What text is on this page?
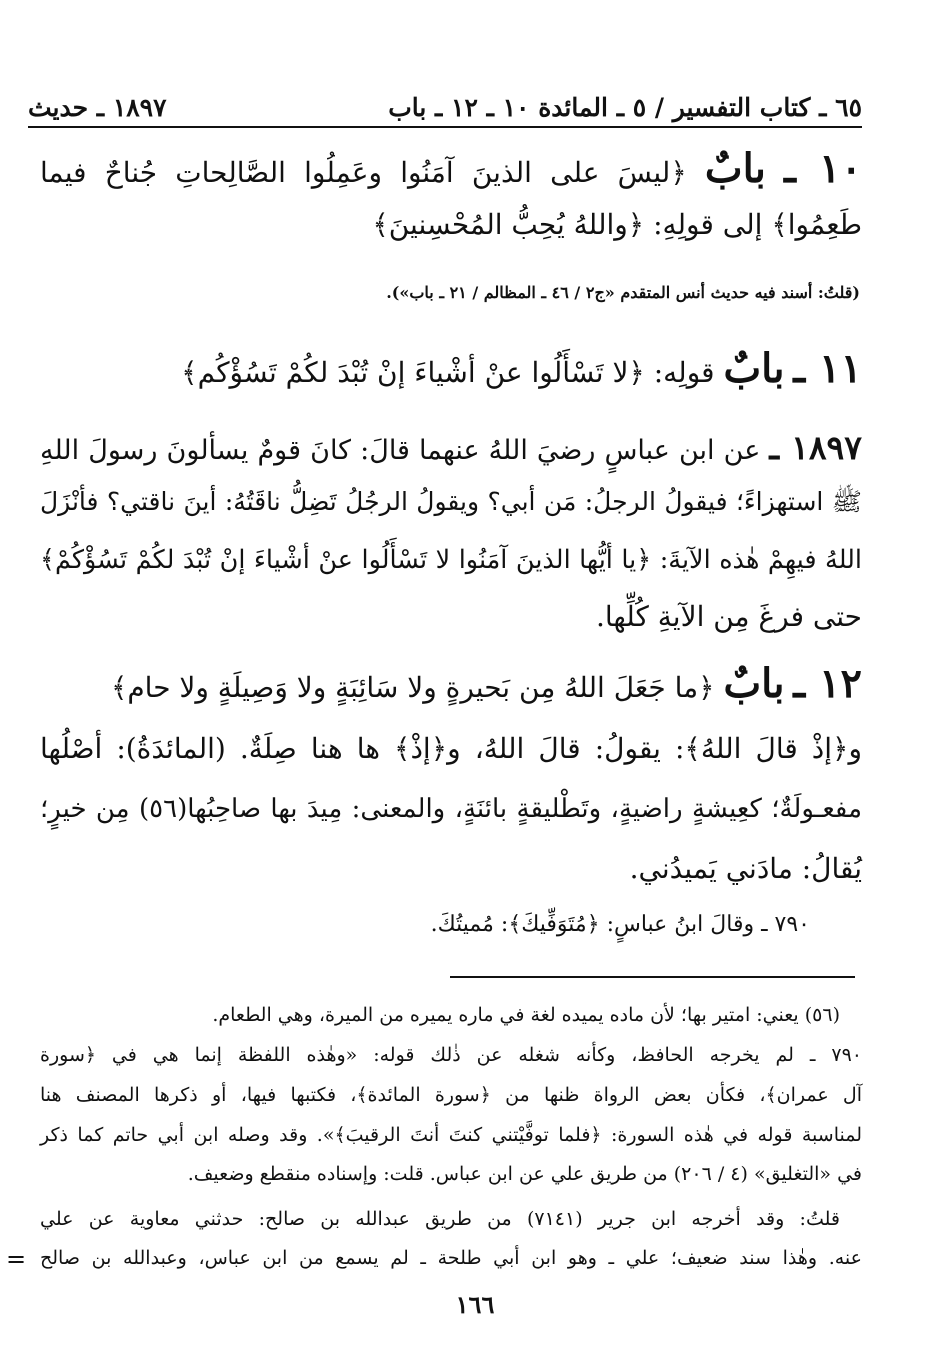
٦٥ ـ كتاب التفسير / ٥ ـ المائدة ١٠ ـ ١٢ ـ باب
١٨٩٧ ـ حديث
١٠ ـ بابٌ ﴿ليسَ على الذينَ آمَنُوا وعَمِلُوا الصَّالِحاتِ جُناحٌ فيما
طَعِمُوا﴾ إلى قولِهِ: ﴿واللهُ يُحِبُّ المُحْسِنينَ﴾
(قلتُ: أسند فيه حديث أنس المتقدم «ج٢ / ٤٦ ـ المظالم / ٢١ ـ باب»).
١١ ـ بابٌ قولِه: ﴿لا تَسْأَلُوا عنْ أشْياءَ إنْ تُبْدَ لكُمْ تَسُؤْكُم﴾
١٨٩٧ ـ عن ابن عباسٍ رضيَ اللهُ عنهما قالَ: كانَ قومٌ يسألونَ رسولَ اللهِ
ﷺ استهزاءً؛ فيقولُ الرجلُ: مَن أبي؟ ويقولُ الرجُلُ تَضِلُّ ناقَتُهُ: أينَ ناقتي؟ فأنْزَلَ
اللهُ فيهِمْ هٰذه الآيةَ: ﴿يا أيُّها الذينَ آمَنُوا لا تَسْأَلُوا عنْ أشْياءَ إنْ تُبْدَ لكُمْ تَسُؤْكُمْ﴾
حتى فرغَ مِن الآيةِ كُلِّها.
١٢ ـ بابٌ ﴿ما جَعَلَ اللهُ مِن بَحيرةٍ ولا سَائِبَةٍ ولا وَصِيلَةٍ ولا حام﴾
و﴿إذْ قالَ اللهُ﴾: يقولُ: قالَ اللهُ، و﴿إذْ﴾ ها هنا صِلَةٌ. (المائدَةُ): أصْلُها
مفعـولَةٌ؛ كعِيشةٍ راضيةٍ، وتَطْليقةٍ بائنَةٍ، والمعنى: مِيدَ بها صاحِبُها(٥٦) مِن خيرٍ؛
يُقالُ: مادَني يَميدُني.
٧٩٠ ـ وقالَ ابنُ عباسٍ: ﴿مُتَوَفِّيكَ﴾: مُميتُكَ.
(٥٦) يعني: امتير بها؛ لأن ماده يميده لغة في ماره يميره من الميرة، وهي الطعام.
٧٩٠ ـ لم يخرجه الحافظ، وكأنه شغله عن ذٰلك قوله: «وهٰذه اللفظة إنما هي في ﴿سورة
آل عمران﴾، فكأن بعض الرواة ظنها من ﴿سورة المائدة﴾، فكتبها فيها، أو ذكرها المصنف هنا
لمناسبة قوله في هٰذه السورة: ﴿فلما توفَّيْتني كنتَ أنتَ الرقيبَ﴾». وقد وصله ابن أبي حاتم كما ذكر
في «التغليق» (٤ / ٢٠٦) من طريق علي عن ابن عباس. قلت: وإسناده منقطع وضعيف.
قلتُ: وقد أخرجه ابن جرير (٧١٤١) من طريق عبدالله بن صالح: حدثني معاوية عن علي
عنه. وهٰذا سند ضعيف؛ علي ـ وهو ابن أبي طلحة ـ لم يسمع من ابن عباس، وعبدالله بن صالح
=
١٦٦
